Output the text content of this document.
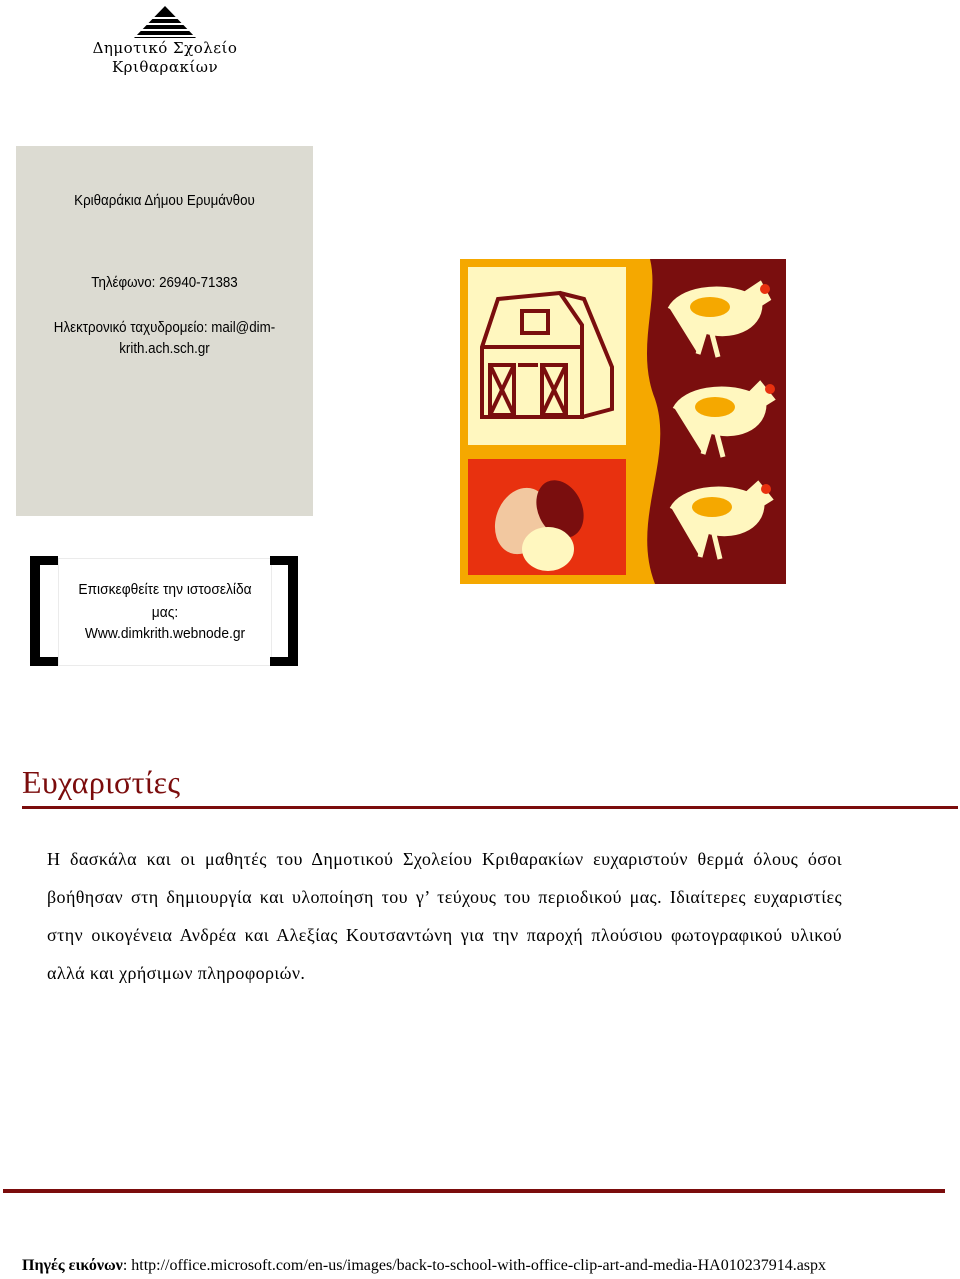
Δημοτικό Σχολείο
Κριθαρακίων
Κριθαράκια Δήμου Ερυμάνθου
Τηλέφωνο: 26940-71383
Ηλεκτρονικό ταχυδρομείο: mail@dim-
krith.ach.sch.gr
Επισκεφθείτε την ιστοσελίδα
μας:
Www.dimkrith.webnode.gr
Ευχαριστίες
Η δασκάλα και οι μαθητές του Δημοτικού Σχολείου Κριθαρακίων ευχαριστούν θερμά όλους όσοι βοήθησαν στη δημιουργία και υλοποίηση του γ’ τεύχους του περιοδικού μας. Ιδιαίτερες ευχαριστίες στην οικογένεια Ανδρέα και Αλεξίας Κουτσαντώνη για την παροχή πλούσιου φωτογραφικού υλικού αλλά και χρήσιμων πληροφοριών.
Πηγές εικόνων: http://office.microsoft.com/en-us/images/back-to-school-with-office-clip-art-and-media-HA010237914.aspx
